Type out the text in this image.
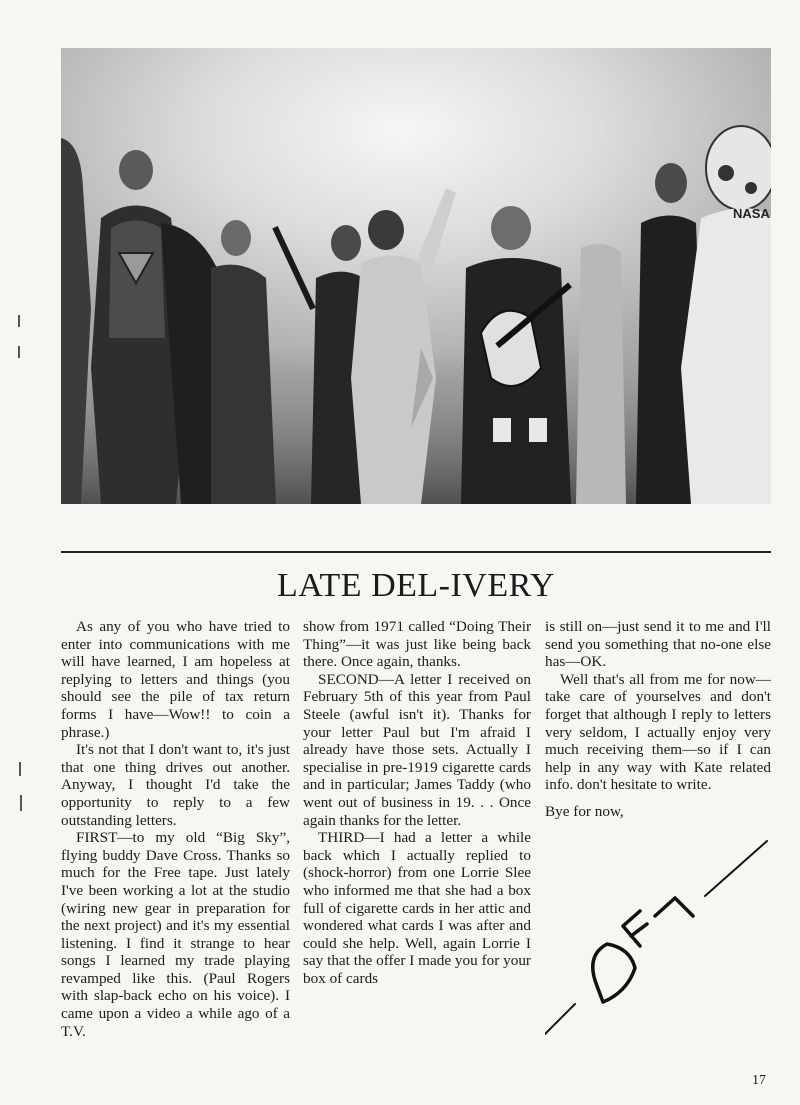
NASA
LATE DEL-IVERY

As any of you who have tried to enter into communications with me will have learned, I am hopeless at replying to letters and things (you should see the pile of tax return forms I have—Wow!! to coin a phrase.)

It's not that I don't want to, it's just that one thing drives out another. Anyway, I thought I'd take the opportunity to reply to a few outstanding letters.

FIRST—to my old “Big Sky”, flying buddy Dave Cross. Thanks so much for the Free tape. Just lately I've been working a lot at the studio (wiring new gear in preparation for the next project) and it's my essential listening. I find it strange to hear songs I learned my trade playing revamped like this. (Paul Rogers with slap-back echo on his voice). I came upon a video a while ago of a T.V.

show from 1971 called “Doing Their Thing”—it was just like being back there. Once again, thanks.

SECOND—A letter I received on February 5th of this year from Paul Steele (awful isn't it). Thanks for your letter Paul but I'm afraid I already have those sets. Actually I specialise in pre-1919 cigarette cards and in particular; James Taddy (who went out of business in 19. . . Once again thanks for the letter.

THIRD—I had a letter a while back which I actually replied to (shock-horror) from one Lorrie Slee who informed me that she had a box full of cigarette cards in her attic and wondered what cards I was after and could she help. Well, again Lorrie I say that the offer I made you for your box of cards

is still on—just send it to me and I'll send you something that no-one else has—OK.

Well that's all from me for now—take care of yourselves and don't forget that although I reply to letters very seldom, I actually enjoy very much receiving them—so if I can help in any way with Kate related info. don't hesitate to write.

Bye for now,

17
